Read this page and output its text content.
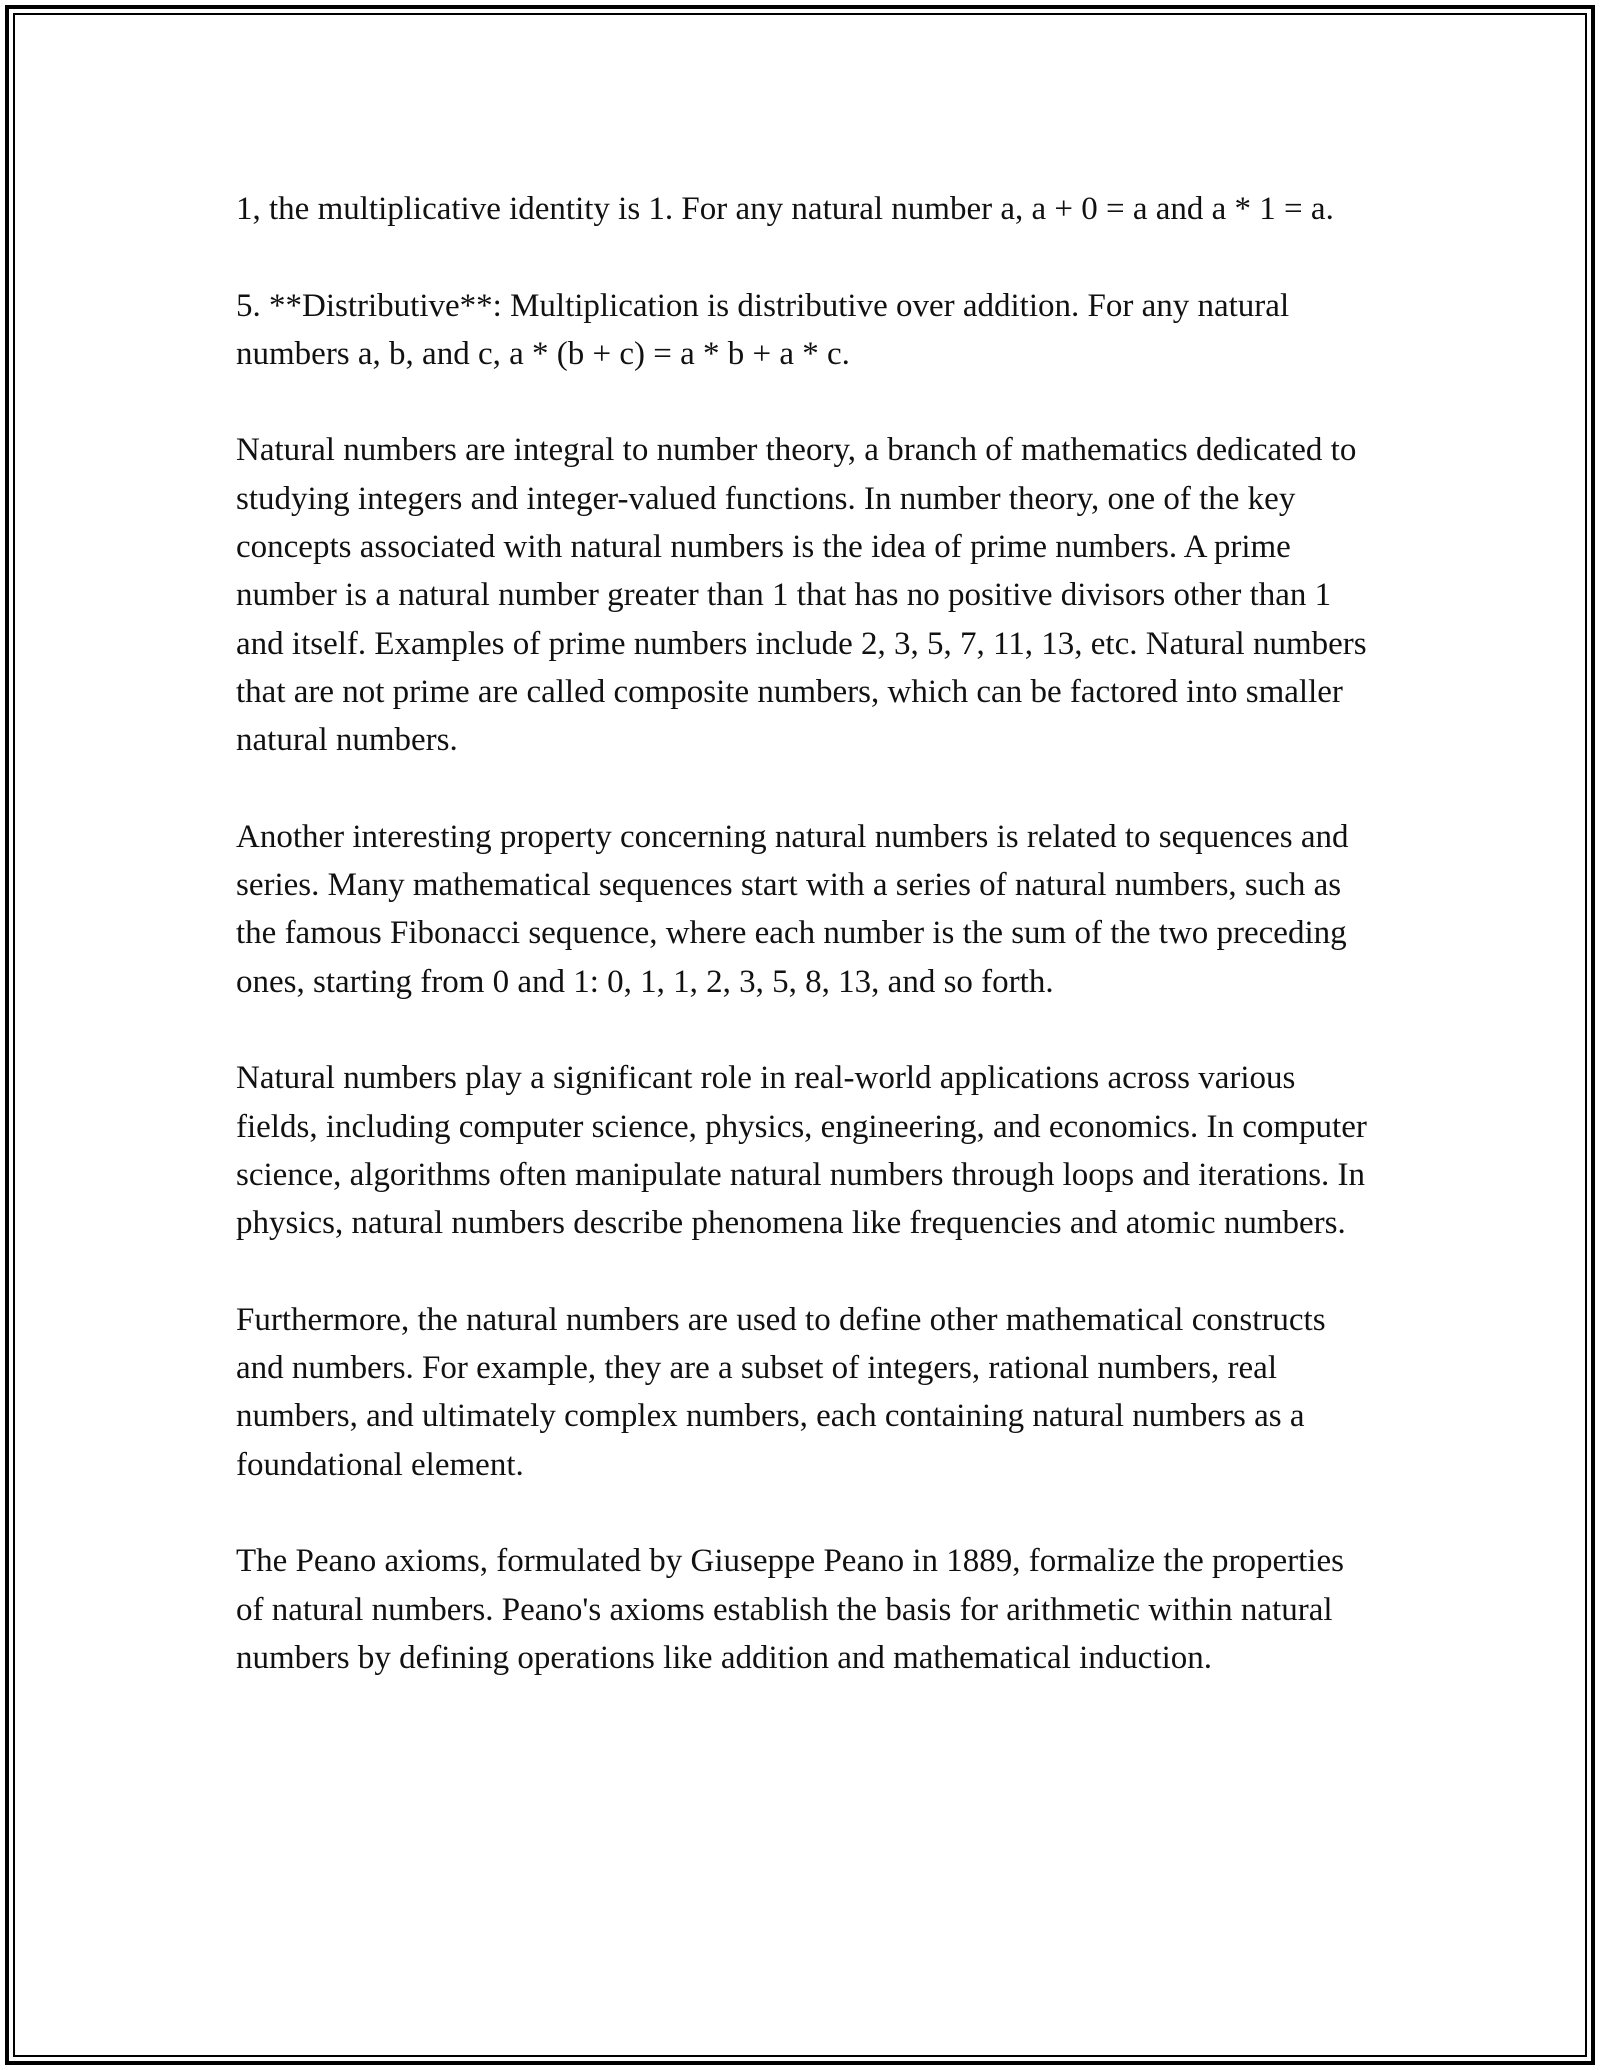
1, the multiplicative identity is 1. For any natural number a, a + 0 = a and a * 1 = a.

5. **Distributive**: Multiplication is distributive over addition. For any natural numbers a, b, and c, a * (b + c) = a * b + a * c.

Natural numbers are integral to number theory, a branch of mathematics dedicated to studying integers and integer-valued functions. In number theory, one of the key concepts associated with natural numbers is the idea of prime numbers. A prime number is a natural number greater than 1 that has no positive divisors other than 1 and itself. Examples of prime numbers include 2, 3, 5, 7, 11, 13, etc. Natural numbers that are not prime are called composite numbers, which can be factored into smaller natural numbers.

Another interesting property concerning natural numbers is related to sequences and series. Many mathematical sequences start with a series of natural numbers, such as the famous Fibonacci sequence, where each number is the sum of the two preceding ones, starting from 0 and 1: 0, 1, 1, 2, 3, 5, 8, 13, and so forth.

Natural numbers play a significant role in real-world applications across various fields, including computer science, physics, engineering, and economics. In computer science, algorithms often manipulate natural numbers through loops and iterations. In physics, natural numbers describe phenomena like frequencies and atomic numbers.

Furthermore, the natural numbers are used to define other mathematical constructs and numbers. For example, they are a subset of integers, rational numbers, real numbers, and ultimately complex numbers, each containing natural numbers as a foundational element.

The Peano axioms, formulated by Giuseppe Peano in 1889, formalize the properties of natural numbers. Peano's axioms establish the basis for arithmetic within natural numbers by defining operations like addition and mathematical induction.
